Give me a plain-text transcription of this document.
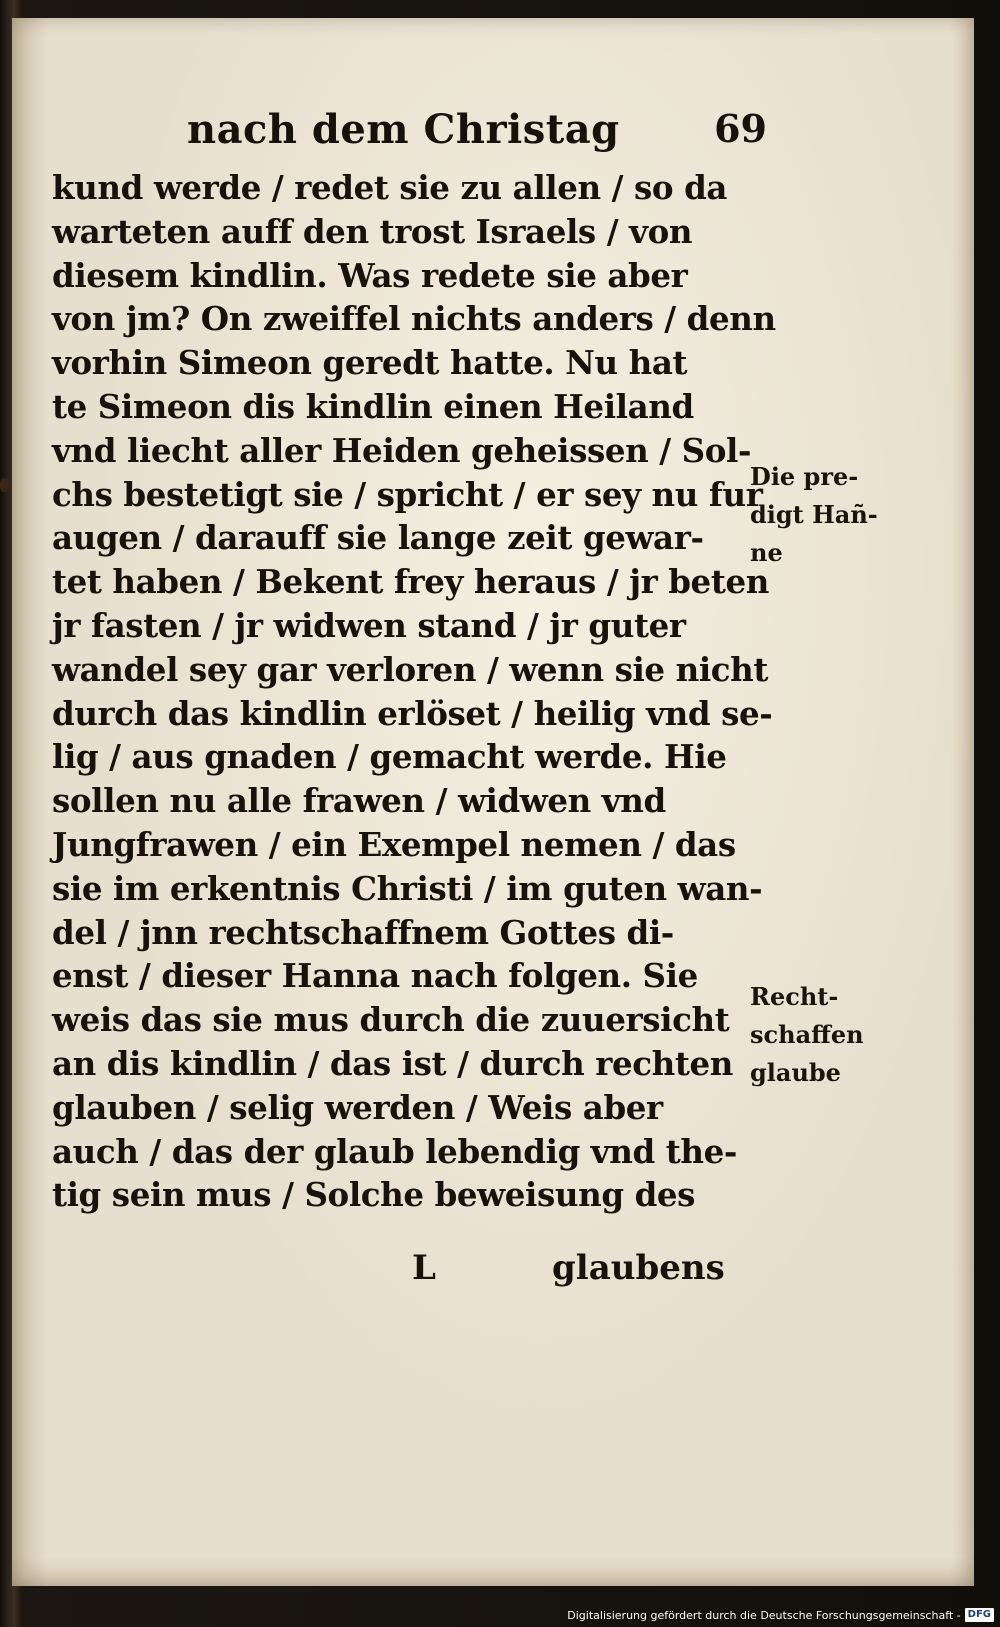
nach dem Christag 69
kund werde / redet sie zu allen / so da
warteten auff den trost Israels / von
diesem kindlin. Was redete sie aber
von jm? On zweiffel nichts anders / denn
vorhin Simeon geredt hatte. Nu hat
te Simeon dis kindlin einen Heiland
vnd liecht aller Heiden geheissen / Sol-
chs bestetigt sie / spricht / er sey nu fur
augen / darauff sie lange zeit gewar-
tet haben / Bekent frey heraus / jr beten
jr fasten / jr widwen stand / jr guter
wandel sey gar verloren / wenn sie nicht
durch das kindlin erlöset / heilig vnd se-
lig / aus gnaden / gemacht werde. Hie
sollen nu alle frawen / widwen vnd
Jungfrawen / ein Exempel nemen / das
sie im erkentnis Christi / im guten wan-
del / jnn rechtschaffnem Gottes di-
enst / dieser Hanna nach folgen. Sie
weis das sie mus durch die zuuersicht
an dis kindlin / das ist / durch rechten
glauben / selig werden / Weis aber
auch / das der glaub lebendig vnd the-
tig sein mus / Solche beweisung des
Die pre-
digt Hañ-
ne
Recht-
schaffen
glaube
L	glaubens
Digitalisierung gefördert durch die Deutsche Forschungsgemeinschaft - DFG
